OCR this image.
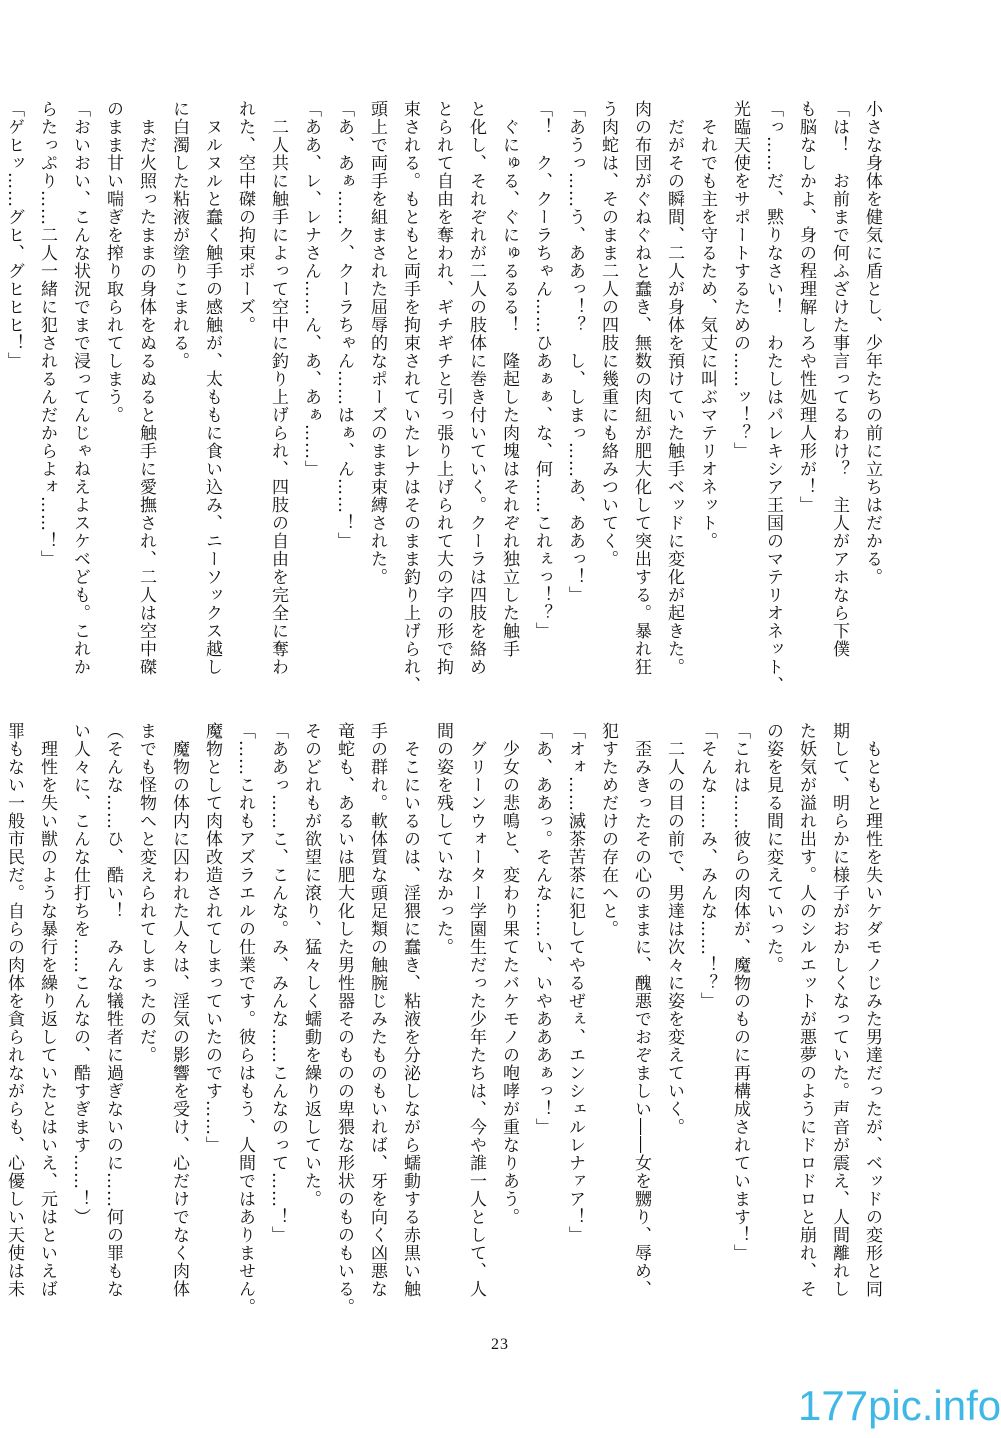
小さな身体を健気に盾とし、少年たちの前に立ちはだかる。
「は！　お前まで何ふざけた事言ってるわけ？　主人がアホなら下僕
も脳なしかよ、身の程理解しろや性処理人形が！」
「っ……だ、黙りなさい！　わたしはパレキシア王国のマテリオネット、
光臨天使をサポートするための……ッ！？」
　それでも主を守るため、気丈に叫ぶマテリオネット。
　だがその瞬間、二人が身体を預けていた触手ベッドに変化が起きた。
肉の布団がぐねぐねと蠢き、無数の肉紐が肥大化して突出する。暴れ狂
う肉蛇は、そのまま二人の四肢に幾重にも絡みついてく。
「あうっ……う、ああっ！？　し、しまっ……あ、ああっ！」
「！　ク、クーラちゃん……ひあぁぁ、な、何……これぇっ！？」
　ぐにゅる、ぐにゅるるる！　隆起した肉塊はそれぞれ独立した触手
と化し、それぞれが二人の肢体に巻き付いていく。クーラは四肢を絡め
とられて自由を奪われ、ギチギチと引っ張り上げられて大の字の形で拘
束される。もともと両手を拘束されていたレナはそのまま釣り上げられ、
頭上で両手を組まされた屈辱的なポーズのまま束縛された。
「あ、あぁ……ク、クーラちゃん……はぁ、ん……！」
「ああ、レ、レナさん……ん、あ、あぁ……」
　二人共に触手によって空中に釣り上げられ、四肢の自由を完全に奪わ
れた、空中磔の拘束ポーズ。
　ヌルヌルと蠢く触手の感触が、太ももに食い込み、ニーソックス越し
に白濁した粘液が塗りこまれる。
　まだ火照ったままの身体をぬるぬると触手に愛撫され、二人は空中磔
のまま甘い喘ぎを搾り取られてしまう。
「おいおい、こんな状況でまで浸ってんじゃねえよスケベども。これか
らたっぷり……二人一緒に犯されるんだからよォ……！」
「ゲヒッ……グヒ、グヒヒヒ！」
　もともと理性を失いケダモノじみた男達だったが、ベッドの変形と同
期して、明らかに様子がおかしくなっていた。声音が震え、人間離れし
た妖気が溢れ出す。人のシルエットが悪夢のようにドロドロと崩れ、そ
の姿を見る間に変えていった。
「これは……彼らの肉体が、魔物のものに再構成されています！」
「そんな……み、みんな……！？」
　二人の目の前で、男達は次々に姿を変えていく。
　歪みきったその心のままに、醜悪でおぞましい――女を嬲り、辱め、
犯すためだけの存在へと。
「オォ……滅茶苦茶に犯してやるぜぇ、エンシェルレナァア！」
「あ、ああっ。そんな……い、いやあああぁっ！」
　少女の悲鳴と、変わり果てたバケモノの咆哮が重なりあう。
　グリーンウォーター学園生だった少年たちは、今や誰一人として、人
間の姿を残していなかった。
　そこにいるのは、淫猥に蠢き、粘液を分泌しながら蠕動する赤黒い触
手の群れ。軟体質な頭足類の触腕じみたものもいれば、牙を向く凶悪な
竜蛇も、あるいは肥大化した男性器そのものの卑猥な形状のものもいる。
そのどれもが欲望に滾り、猛々しく蠕動を繰り返していた。
「ああっ……こ、こんな。み、みんな……こんなのって……！」
「……これもアズラエルの仕業です。彼らはもう、人間ではありません。
魔物として肉体改造されてしまっていたのです……」
　魔物の体内に囚われた人々は、淫気の影響を受け、心だけでなく肉体
までも怪物へと変えられてしまったのだ。
（そんな……ひ、酷い！　みんな犠牲者に過ぎないのに……何の罪もな
い人々に、こんな仕打ちを……こんなの、酷すぎます……！）
　理性を失い獣のような暴行を繰り返していたとはいえ、元はといえば
罪もない一般市民だ。自らの肉体を貪られながらも、心優しい天使は未
23
177pic.info
